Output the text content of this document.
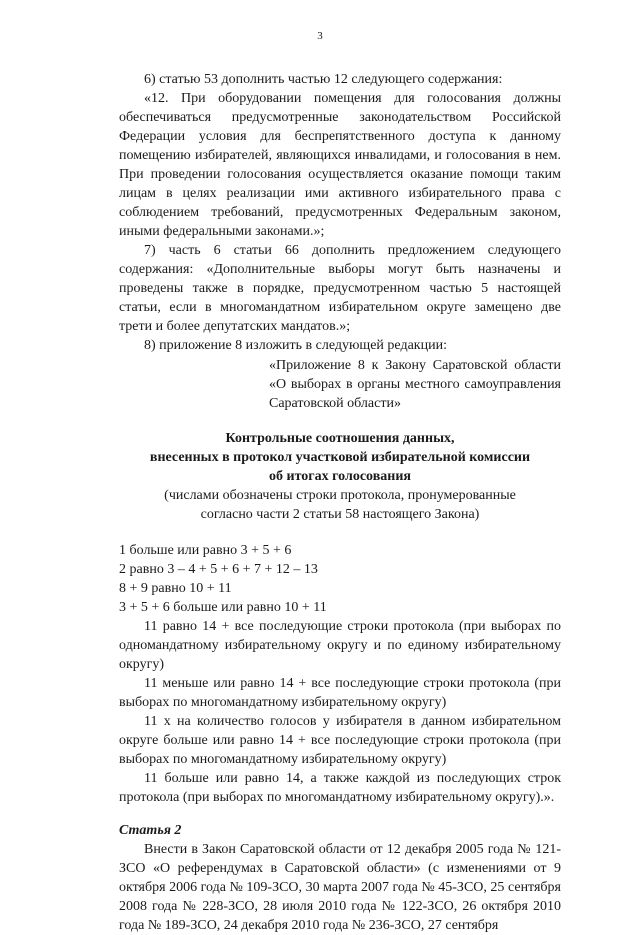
3

6) статью 53 дополнить частью 12 следующего содержания:

«12. При оборудовании помещения для голосования должны обеспечиваться предусмотренные законодательством Российской Федерации условия для беспрепятственного доступа к данному помещению избирателей, являющихся инвалидами, и голосования в нем. При проведении голосования осуществляется оказание помощи таким лицам в целях реализации ими активного избирательного права с соблюдением требований, предусмотренных Федеральным законом, иными федеральными законами.»;

7) часть 6 статьи 66 дополнить предложением следующего содержания: «Дополнительные выборы могут быть назначены и проведены также в порядке, предусмотренном частью 5 настоящей статьи, если в многомандатном избирательном округе замещено две трети и более депутатских мандатов.»;

8) приложение 8 изложить в следующей редакции:

«Приложение 8 к Закону Саратовской области «О выборах в органы местного самоуправления Саратовской области»

Контрольные соотношения данных,
внесенных в протокол участковой избирательной комиссии
об итогах голосования
(числами обозначены строки протокола, пронумерованные
согласно части 2 статьи 58 настоящего Закона)

1 больше или равно 3 + 5 + 6

2 равно 3 – 4 + 5 + 6 + 7 + 12 – 13

8 + 9 равно 10 + 11

3 + 5 + 6 больше или равно 10 + 11

11 равно 14 + все последующие строки протокола (при выборах по одномандатному избирательному округу и по единому избирательному округу)

11 меньше или равно 14 + все последующие строки протокола (при выборах по многомандатному избирательному округу)

11 х на количество голосов у избирателя в данном избирательном округе больше или равно 14 + все последующие строки протокола (при выборах по многомандатному избирательному округу)

11 больше или равно 14, а также каждой из последующих строк протокола (при выборах по многомандатному избирательному округу).».

Статья 2

Внести в Закон Саратовской области от 12 декабря 2005 года № 121-ЗСО «О референдумах в Саратовской области» (с изменениями от 9 октября 2006 года № 109-ЗСО, 30 марта 2007 года № 45-ЗСО, 25 сентября 2008 года № 228-ЗСО, 28 июля 2010 года № 122-ЗСО, 26 октября 2010 года № 189-ЗСО, 24 декабря 2010 года № 236-ЗСО, 27 сентября
